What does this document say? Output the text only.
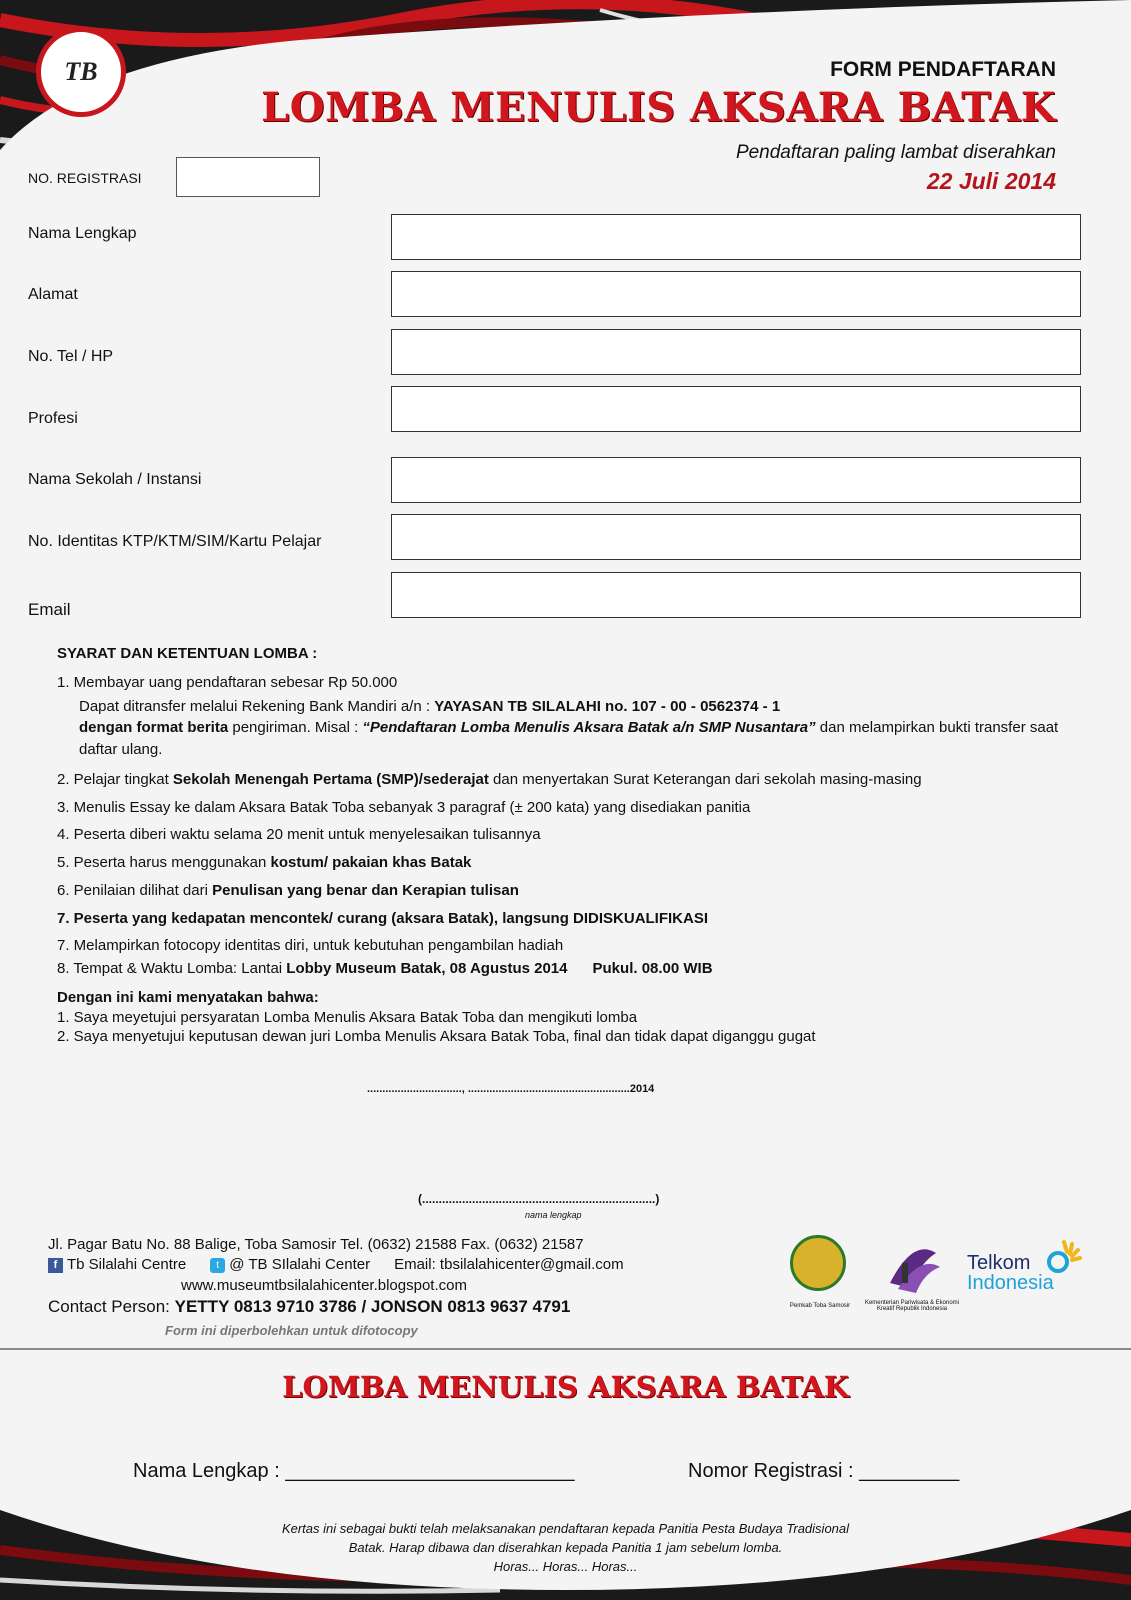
TB	FORM PENDAFTARAN
LOMBA MENULIS AKSARA BATAK
Pendaftaran paling lambat diserahkan
22 Juli 2014
NO. REGISTRASI
Nama Lengkap
Alamat
No. Tel / HP
Profesi
Nama Sekolah / Instansi
No. Identitas KTP/KTM/SIM/Kartu Pelajar
Email
SYARAT DAN KETENTUAN LOMBA :
1. Membayar uang pendaftaran sebesar Rp 50.000
Dapat ditransfer melalui Rekening Bank Mandiri a/n : YAYASAN TB SILALAHI no. 107 - 00 - 0562374 - 1
dengan format berita pengiriman. Misal : “Pendaftaran Lomba Menulis Aksara Batak a/n SMP Nusantara” dan melampirkan bukti transfer saat daftar ulang.
2. Pelajar tingkat Sekolah Menengah Pertama (SMP)/sederajat dan menyertakan Surat Keterangan dari sekolah masing-masing
3. Menulis Essay ke dalam Aksara Batak Toba sebanyak 3 paragraf (± 200 kata) yang disediakan panitia
4. Peserta diberi waktu selama 20 menit untuk menyelesaikan tulisannya
5. Peserta harus menggunakan kostum/ pakaian khas Batak
6. Penilaian dilihat dari Penulisan yang benar dan Kerapian tulisan
7. Peserta yang kedapatan mencontek/ curang (aksara Batak), langsung DIDISKUALIFIKASI
7. Melampirkan fotocopy identitas diri, untuk kebutuhan pengambilan hadiah
8. Tempat & Waktu Lomba: Lantai Lobby Museum Batak, 08 Agustus 2014 Pukul. 08.00 WIB
Dengan ini kami menyatakan bahwa:
1. Saya meyetujui persyaratan Lomba Menulis Aksara Batak Toba dan mengikuti lomba
2. Saya menyetujui keputusan dewan juri Lomba Menulis Aksara Batak Toba, final dan tidak dapat diganggu gugat
..............................., .....................................................2014
(......................................................................)
nama lengkap
Jl. Pagar Batu No. 88 Balige, Toba Samosir Tel. (0632) 21588 Fax. (0632) 21587
f Tb Silalahi Centre	t @ TB SIlalahi Center Email: tbsilalahicenter@gmail.com
www.museumtbsilalahicenter.blogspot.com
Contact Person: YETTY 0813 9710 3786 / JONSON 0813 9637 4791
Form ini diperbolehkan untuk difotocopy
Pemkab Toba Samosir	Kementerian Pariwisata & Ekonomi Kreatif Republik Indonesia
Telkom
Indonesia
LOMBA MENULIS AKSARA BATAK
Nama Lengkap : __________________________	Nomor Registrasi : _________
Kertas ini sebagai bukti telah melaksanakan pendaftaran kepada Panitia Pesta Budaya Tradisional
Batak. Harap dibawa dan diserahkan kepada Panitia 1 jam sebelum lomba.
Horas... Horas... Horas...
